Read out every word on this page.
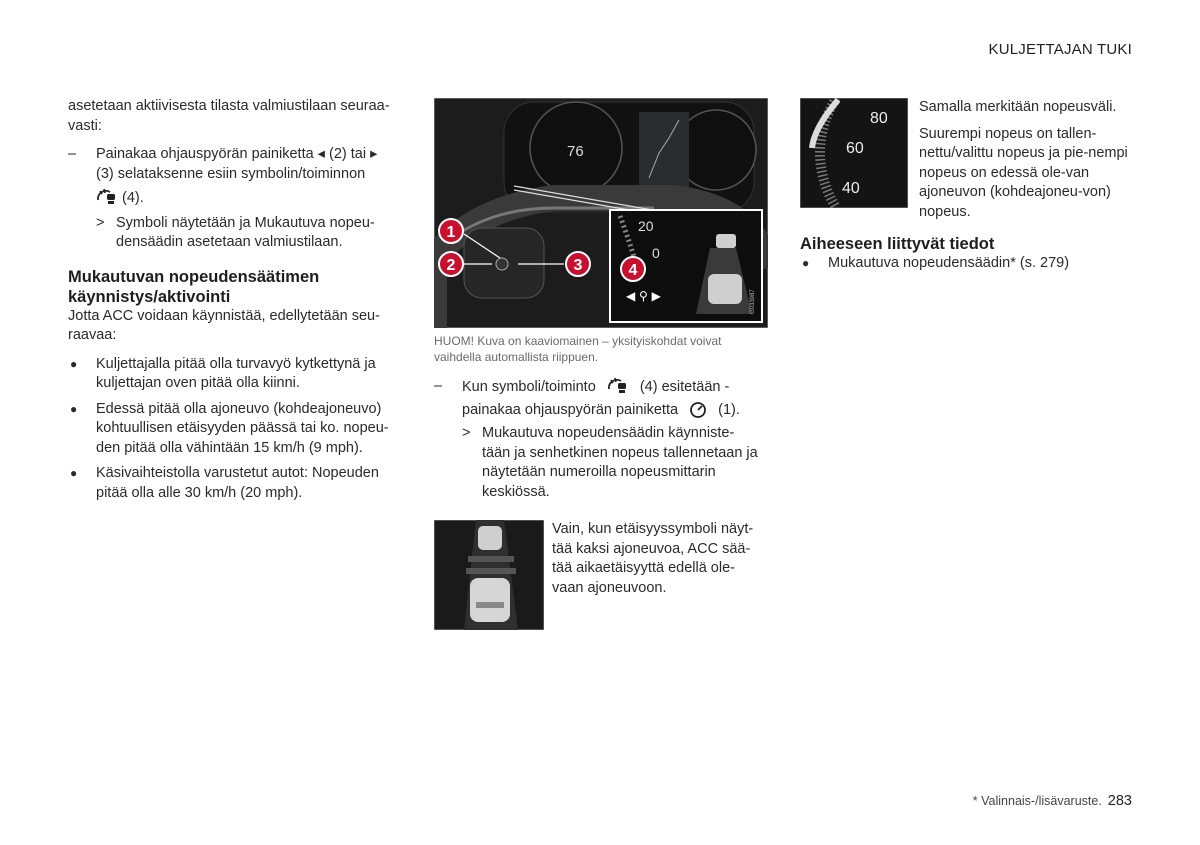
KULJETTAJAN TUKI

asetetaan aktiivisesta tilasta valmiustilaan seuraa-vasti:

– Painakaa ohjauspyörän painiketta ◂ (2) tai ▸
(3) selataksenne esiin symbolin/toiminnon
(4).
> Symboli näytetään ja Mukautuva nopeu-densäädin asetetaan valmiustilaan.
Mukautuvan nopeudensäätimen käynnistys/aktivointi

Jotta ACC voidaan käynnistää, edellytetään seu-raavaa:

● Kuljettajalla pitää olla turvavyö kytkettynä ja kuljettajan oven pitää olla kiinni.
● Edessä pitää olla ajoneuvo (kohdeajoneuvo) kohtuullisen etäisyyden päässä tai ko. nopeu-den pitää olla vähintään 15 km/h (9 mph).
● Käsivaihteistolla varustetut autot: Nopeuden pitää olla alle 30 km/h (20 mph).
76
1
2	3
20
0
◀ ⚲ ▶
4
G033987

HUOM! Kuva on kaaviomainen – yksityiskohdat voivat vaihdella automallista riippuen.

– Kun symboli/toiminto	(4) esitetään -
painakaa ohjauspyörän painiketta	(1).
> Mukautuva nopeudensäädin käynniste-tään ja senhetkinen nopeus tallennetaan ja näytetään numeroilla nopeusmittarin keskiössä.

Vain, kun etäisyyssymboli näyt-tää kaksi ajoneuvoa, ACC sää-tää aikaetäisyyttä edellä ole-vaan ajoneuvoon.

80
60
40

Samalla merkitään nopeusväli.

Suurempi nopeus on tallen-nettu/valittu nopeus ja pie-nempi nopeus on edessä ole-van ajoneuvon (kohdeajoneu-von) nopeus.

Aiheeseen liittyvät tiedot
● Mukautuva nopeudensäädin* (s. 279)
* Valinnais-/lisävaruste. 283
